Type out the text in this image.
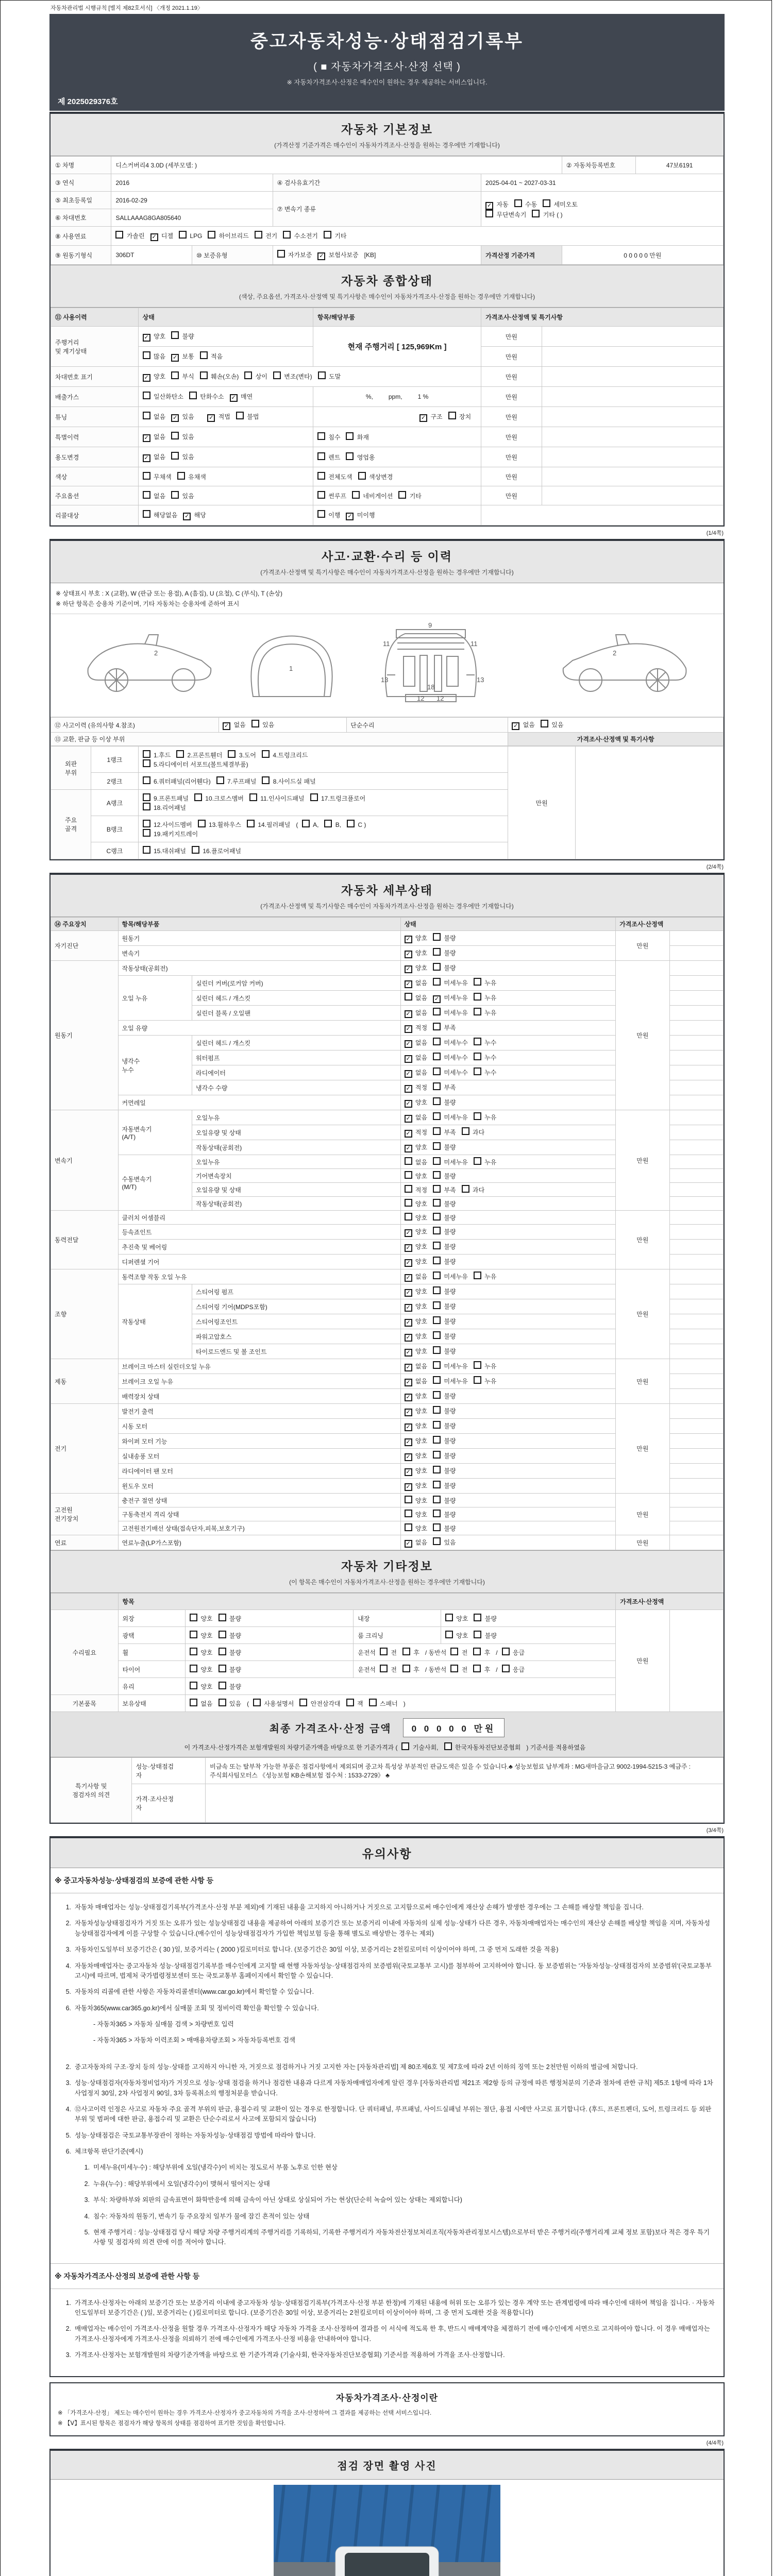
자동차관리법 시행규칙 [별지 제82호서식] 〈개정 2021.1.19〉
중고자동차성능·상태점검기록부
( ■ 자동차가격조사·산정 선택 )
※ 자동차가격조사·산정은 매수인이 원하는 경우 제공하는 서비스입니다.
제 2025029376호
자동차 기본정보
(가격산정 기준가격은 매수인이 자동차가격조사·산정을 원하는 경우에만 기재합니다)
① 차명	디스커버리4 3.0D (세부모델: )				② 자동차등록번호	47보6191
③ 연식	2016		④ 검사유효기간	2025-04-01 ~ 2027-03-31		
⑤ 최초등록일	2016-02-29		⑦ 변속기 종류	✓ 자동 수동 세미오토
무단변속기 기타 ( )		
⑥ 차대번호	SALLAAAG8GA805640					
⑧ 사용연료	가솔린 ✓ 디젤 LPG 하이브리드 전기 수소전기 기타					
⑨ 원동기형식	306DT	⑩ 보증유형	자가보증 ✓ 보험사보증 [KB]	가격산정 기준가격	0 0 0 0 0 만원	
자동차 종합상태
(색상, 주요옵션, 가격조사·산정액 및 특기사항은 매수인이 자동차가격조사·산정을 원하는 경우에만 기재합니다)
⑪ 사용이력	상태	항목/해당부품	가격조사·산정액 및 특기사항	
주행거리
및 계기상태	✓ 양호 불량	현재 주행거리 [ 125,969Km ]	만원	
	많음 ✓ 보통 적음		만원	
차대번호 표기	✓ 양호 부식 훼손(오손) 상이 변조(변타) 도말		만원	
배출가스	일산화탄소 탄화수소 ✓ 매연	%,         ppm,         1 %	만원	
튜닝	없음 ✓ 있음 ✓ 적법 불법	✓ 구조 장치	만원	
특별이력	✓ 없음 있음	침수 화재	만원	
용도변경	✓ 없음 있음	렌트 영업용	만원	
색상	무채색 유채색	전체도색 색상변경	만원	
주요옵션	없음 있음	썬루프 네비게이션 기타	만원	
리콜대상	해당없음 ✓ 해당	이행 ✓ 미이행		
(1/4쪽)
사고·교환·수리 등 이력
(가격조사·산정액 및 특기사항은 매수인이 자동차가격조사·산정을 원하는 경우에만 기재합니다)
※ 상태표시 부호 : X (교환), W (판금 또는 용접), A (흠집), U (요철), C (부식), T (손상)
※ 하단 항목은 승용차 기준이며, 기타 자동차는 승용차에 준하여 표시
2
1
11	11
13	13
12 12
9
18
2
⑫ 사고이력 (유의사항 4.참조)	✓ 없음 있음	단순수리	✓ 없음 있음
⑬ 교환, 판금 등 이상 부위			가격조사·산정액 및 특기사항
외판
부위	1랭크	1.후드 2.프론트휀더 3.도어 4.트렁크리드
5.라디에이터 서포트(볼트체결부품)	만원	
	2랭크	6.쿼터패널(리어휀다) 7.루프패널 8.사이드실 패널		
주요
골격	A랭크	9.프론트패널 10.크로스멤버 11.인사이드패널 17.트렁크플로어
18.리어패널		
	B랭크	12.사이드멤버 13.휠하우스 14.필러패널 ( A, B, C )
19.패키지트레이		
	C랭크	15.대쉬패널 16.플로어패널		
(2/4쪽)
자동차 세부상태
(가격조사·산정액 및 특기사항은 매수인이 자동차가격조사·산정을 원하는 경우에만 기재합니다)
⑭ 주요장치	항목/해당부품		상태	가격조사·산정액	
자기진단	원동기		✓ 양호 불량	만원	
	변속기		✓ 양호 불량		
원동기	작동상태(공회전)		✓ 양호 불량	만원	
	오일 누유	실린더 커버(로커암 커버)	✓ 없음 미세누유 누유		
		실린더 헤드 / 개스킷	없음 ✓ 미세누유 누유		
		실린더 블록 / 오일팬	✓ 없음 미세누유 누유		
	오일 유량		✓ 적정 부족		
	냉각수
누수	실린더 헤드 / 개스킷	✓ 없음 미세누수 누수		
		워터펌프	✓ 없음 미세누수 누수		
		라디에이터	✓ 없음 미세누수 누수		
		냉각수 수량	✓ 적정 부족		
	커먼레일		✓ 양호 불량		
변속기	자동변속기
(A/T)	오일누유	✓ 없음 미세누유 누유	만원	
		오일유량 및 상태	✓ 적정 부족 과다		
		작동상태(공회전)	✓ 양호 불량		
	수동변속기
(M/T)	오일누유	없음 미세누유 누유		
		기어변속장치	양호 불량		
		오일유량 및 상태	적정 부족 과다		
		작동상태(공회전)	양호 불량		
동력전달	클러치 어셈블리		양호 불량	만원	
	등속죠인트		✓ 양호 불량		
	추진축 및 베어링		✓ 양호 불량		
	디퍼렌셜 기어		✓ 양호 불량		
조향	동력조향 작동 오일 누유		✓ 없음 미세누유 누유	만원	
	작동상태	스티어링 펌프	✓ 양호 불량		
		스티어링 기어(MDPS포함)	✓ 양호 불량		
		스티어링조인트	✓ 양호 불량		
		파워고압호스	✓ 양호 불량		
		타이로드엔드 및 볼 조인트	✓ 양호 불량		
제동	브레이크 마스터 실린더오일 누유		✓ 없음 미세누유 누유	만원	
	브레이크 오일 누유		✓ 없음 미세누유 누유		
	배력장치 상태		✓ 양호 불량		
전기	발전기 출력		✓ 양호 불량	만원	
	시동 모터		✓ 양호 불량		
	와이퍼 모터 기능		✓ 양호 불량		
	실내송풍 모터		✓ 양호 불량		
	라디에이터 팬 모터		✓ 양호 불량		
	윈도우 모터		✓ 양호 불량		
고전원
전기장치	충전구 절연 상태		양호 불량	만원	
	구동축전지 격리 상태		양호 불량		
	고전원전기배선 상태(접속단자,피복,보호기구)		양호 불량		
연료	연료누출(LP가스포함)		✓ 없음 있음	만원	
자동차 기타정보
(이 항목은 매수인이 자동차가격조사·산정을 원하는 경우에만 기재합니다)
	항목				가격조사·산정액	
수리필요	외장	양호 불량	내장	양호 불량	만원	
	광택	양호 불량	룸 크리닝	양호 불량		
	휠	양호 불량	운전석 전 후 / 동반석 전 후 / 응급			
	타이어	양호 불량	운전석 전 후 / 동반석 전 후 / 응급			
	유리	양호 불량				
기본품목	보유상태	없음 있음 ( 사용설명서 안전삼각대 잭 스패너 )				
최종 가격조사·산정 금액	0 0 0 0 0 만원
이 가격조사·산정가격은 보험개발원의 차량기준가액을 바탕으로 한 기준가격과 ( 기술사회, 한국자동차진단보증협회 ) 기준서를 적용하였음
특기사항 및
점검자의 의견	성능·상태점검
자	비금속 또는 탈부착 가능한 부품은 점검사항에서 제외되며 중고차 특성상 부분적인 판금도색은 있을 수 있습니다.♣ 성능보험료 납부계좌 : MG새마을금고 9002-1994-5215-3 예금주 : 주식회사팀모터스 《성능보험 KB손해보험 접수처 : 1533-2729》 ♣
	가격·조사산정
자	
(3/4쪽)
유의사항
※ 중고자동차성능·상태점검의 보증에 관한 사항 등
1. 자동차 매매업자는 성능·상태점검기록부(가격조사·산정 부분 제외)에 기재된 내용을 고지하지 아니하거나 거짓으로 고지함으로써 매수인에게 재산상 손해가 발생한 경우에는 그 손해를 배상할 책임을 집니다.
2. 자동차성능상태점검자가 거짓 또는 오류가 있는 성능상태점검 내용을 제공하여 아래의 보증기간 또는 보증거리 이내에 자동차의 실제 성능·상태가 다른 경우, 자동차매매업자는 매수인의 재산상 손해를 배상할 책임을 지며, 자동차성능상태점검자에게 이를 구상할 수 있습니다.(매수인이 성능상태점검자가 가입한 책임보험 등을 통해 별도로 배상받는 경우는 제외)
3. 자동차인도일부터 보증기간은 ( 30 )일, 보증거리는 ( 2000 )킬로미터로 합니다. (보증기간은 30일 이상, 보증거리는 2천킬로미터 이상이어야 하며, 그 중 먼저 도래한 것을 적용)
4. 자동차매매업자는 중고자동차 성능·상태점검기록부를 매수인에게 고지할 때 현행 자동차성능·상태점검자의 보증범위(국토교통부 고시)를 첨부하여 고지하여야 합니다. 동 보증범위는 '자동차성능·상태점검자의 보증범위'(국토교통부 고시)에 따르며, 법제처 국가법령정보센터 또는 국토교통부 홈페이지에서 확인할 수 있습니다.
5. 자동차의 리콜에 관한 사항은 자동차리콜센터(www.car.go.kr)에서 확인할 수 있습니다.
6. 자동차365(www.car365.go.kr)에서 실매물 조회 및 정비이력 확인을 확인할 수 있습니다.
- 자동차365 > 자동차 실매물 검색 > 차량번호 입력
- 자동차365 > 자동차 이력조회 > 매매용차량조회 > 자동차등록번호 검색
2. 중고자동차의 구조·장치 등의 성능·상태를 고지하지 아니한 자, 거짓으로 점검하거나 거짓 고지한 자는 [자동차관리법] 제 80조제6호 및 제7호에 따라 2년 이하의 징역 또는 2천만원 이하의 벌금에 처합니다.
3. 성능·상태점검자(자동차정비업자)가 거짓으로 성능·상태 점검을 하거나 점검한 내용과 다르게 자동차매매업자에게 알린 경우 [자동차관리법 제21조 제2항 등의 규정에 따른 행정처분의 기준과 절차에 관한 규칙] 제5조 1항에 따라 1차 사업정지 30일, 2차 사업정지 90일, 3차 등록취소의 행정처분을 받습니다.
4. ⑫사고이력 인정은 사고로 자동차 주요 골격 부위의 판금, 용접수리 및 교환이 있는 경우로 한정합니다. 단 쿼터패널, 루프패널, 사이드실패널 부위는 절단, 용접 시에만 사고로 표기합니다. (후드, 프론트펜더, 도어, 트렁크리드 등 외판 부위 및 범퍼에 대한 판금, 용접수리 및 교환은 단순수리로서 사고에 포함되지 않습니다)
5. 성능·상태점검은 국토교통부장관이 정하는 자동차성능·상태점검 방법에 따라야 합니다.
6. 체크항목 판단기준(예시)
1. 미세누유(미세누수) : 해당부위에 오일(냉각수)이 비치는 정도로서 부품 노후로 인한 현상
2. 누유(누수) : 해당부위에서 오일(냉각수)이 맺혀서 떨어지는 상태
3. 부식: 차량하부와 외판의 금속표면이 화학반응에 의해 금속이 아닌 상태로 상실되어 가는 현상(단순히 녹슬어 있는 상태는 제외합니다)
4. 침수: 자동차의 원동기, 변속기 등 주요장치 일부가 물에 잠긴 흔적이 있는 상태
5. 현재 주행거리 : 성능·상태점검 당시 해당 차량 주행거리계의 주행거리를 기록하되, 기록한 주행거리가 자동차전산정보처리조직(자동차관리정보시스템)으로부터 받은 주행거리(주행거리계 교체 정보 포함)보다 적은 경우 특기사항 및 점검자의 의견 란에 이를 적어야 합니다.
※ 자동차가격조사·산정의 보증에 관한 사항 등
1. 가격조사·산정자는 아래의 보증기간 또는 보증거리 이내에 중고자동차 성능·상태점검기록부(가격조사·산정 부분 한정)에 기재된 내용에 허위 또는 오류가 있는 경우 계약 또는 관계법령에 따라 매수인에 대하여 책임을 집니다. · 자동차인도일부터 보증기간은 ( )일, 보증거리는 ( )킬로미터로 합니다. (보증기간은 30일 이상, 보증거리는 2천킬로미터 이상이어야 하며, 그 중 먼저 도래한 것을 적용합니다)
2. 매매업자는 매수인이 가격조사·산정을 원할 경우 가격조사·산정자가 해당 자동차 가격을 조사·산정하여 결과를 이 서식에 적도록 한 후, 반드시 매매계약을 체결하기 전에 매수인에게 서면으로 고지하여야 합니다. 이 경우 매매업자는 가격조사·산정자에게 가격조사·산정을 의뢰하기 전에 매수인에게 가격조사·산정 비용을 안내하여야 합니다.
3. 가격조사·산정자는 보험개발원의 차량기준가액을 바탕으로 한 기준가격과 (기술사회, 한국자동차진단보증협회) 기준서를 적용하여 가격을 조사·산정합니다.
자동차가격조사·산정이란
※ 「가격조사·산정」 제도는 매수인이 원하는 경우 가격조사·산정자가 중고자동차의 가격을 조사·산정하여 그 결과를 제공하는 선택 서비스입니다.
※ 【Ⅴ】표시된 항목은 점검자가 해당 항목의 상태를 점검하여 표기한 것임을 확인합니다.
(4/4쪽)
점검 장면 촬영 사진
